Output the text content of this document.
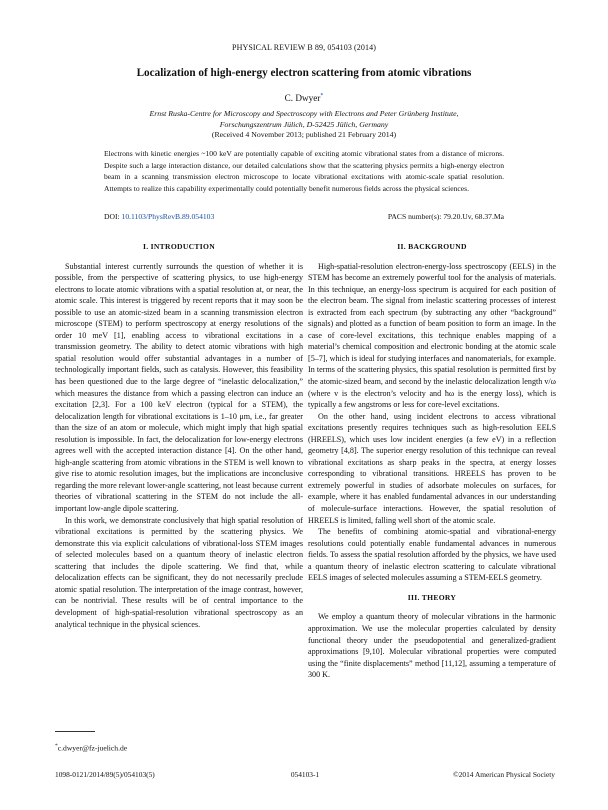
PHYSICAL REVIEW B 89, 054103 (2014)
Localization of high-energy electron scattering from atomic vibrations
C. Dwyer*
Ernst Ruska-Centre for Microscopy and Spectroscopy with Electrons and Peter Grünberg Institute,
Forschungszentrum Jülich, D-52425 Jülich, Germany
(Received 4 November 2013; published 21 February 2014)
Electrons with kinetic energies ~100 keV are potentially capable of exciting atomic vibrational states from a distance of microns. Despite such a large interaction distance, our detailed calculations show that the scattering physics permits a high-energy electron beam in a scanning transmission electron microscope to locate vibrational excitations with atomic-scale spatial resolution. Attempts to realize this capability experimentally could potentially benefit numerous fields across the physical sciences.
DOI: 10.1103/PhysRevB.89.054103	PACS number(s): 79.20.Uv, 68.37.Ma
I. INTRODUCTION

Substantial interest currently surrounds the question of whether it is possible, from the perspective of scattering physics, to use high-energy electrons to locate atomic vibrations with a spatial resolution at, or near, the atomic scale. This interest is triggered by recent reports that it may soon be possible to use an atomic-sized beam in a scanning transmission electron microscope (STEM) to perform spectroscopy at energy resolutions of the order 10 meV [1], enabling access to vibrational excitations in a transmission geometry. The ability to detect atomic vibrations with high spatial resolution would offer substantial advantages in a number of technologically important fields, such as catalysis. However, this feasibility has been questioned due to the large degree of “inelastic delocalization,” which measures the distance from which a passing electron can induce an excitation [2,3]. For a 100 keV electron (typical for a STEM), the delocalization length for vibrational excitations is 1–10 μm, i.e., far greater than the size of an atom or molecule, which might imply that high spatial resolution is impossible. In fact, the delocalization for low-energy electrons agrees well with the accepted interaction distance [4]. On the other hand, high-angle scattering from atomic vibrations in the STEM is well known to give rise to atomic resolution images, but the implications are inconclusive regarding the more relevant lower-angle scattering, not least because current theories of vibrational scattering in the STEM do not include the all-important low-angle dipole scattering.

In this work, we demonstrate conclusively that high spatial resolution of vibrational excitations is permitted by the scattering physics. We demonstrate this via explicit calculations of vibrational-loss STEM images of selected molecules based on a quantum theory of inelastic electron scattering that includes the dipole scattering. We find that, while delocalization effects can be significant, they do not necessarily preclude atomic spatial resolution. The interpretation of the image contrast, however, can be nontrivial. These results will be of central importance to the development of high-spatial-resolution vibrational spectroscopy as an analytical technique in the physical sciences.

II. BACKGROUND

High-spatial-resolution electron-energy-loss spectroscopy (EELS) in the STEM has become an extremely powerful tool for the analysis of materials. In this technique, an energy-loss spectrum is acquired for each position of the electron beam. The signal from inelastic scattering processes of interest is extracted from each spectrum (by subtracting any other “background” signals) and plotted as a function of beam position to form an image. In the case of core-level excitations, this technique enables mapping of a material’s chemical composition and electronic bonding at the atomic scale [5–7], which is ideal for studying interfaces and nanomaterials, for example. In terms of the scattering physics, this spatial resolution is permitted first by the atomic-sized beam, and second by the inelastic delocalization length v/ω (where v is the electron’s velocity and ħω is the energy loss), which is typically a few angstroms or less for core-level excitations.

On the other hand, using incident electrons to access vibrational excitations presently requires techniques such as high-resolution EELS (HREELS), which uses low incident energies (a few eV) in a reflection geometry [4,8]. The superior energy resolution of this technique can reveal vibrational excitations as sharp peaks in the spectra, at energy losses corresponding to vibrational transitions. HREELS has proven to be extremely powerful in studies of adsorbate molecules on surfaces, for example, where it has enabled fundamental advances in our understanding of molecule-surface interactions. However, the spatial resolution of HREELS is limited, falling well short of the atomic scale.

The benefits of combining atomic-spatial and vibrational-energy resolutions could potentially enable fundamental advances in numerous fields. To assess the spatial resolution afforded by the physics, we have used a quantum theory of inelastic electron scattering to calculate vibrational EELS images of selected molecules assuming a STEM-EELS geometry.

III. THEORY

We employ a quantum theory of molecular vibrations in the harmonic approximation. We use the molecular properties calculated by density functional theory under the pseudopotential and generalized-gradient approximations [9,10]. Molecular vibrational properties were computed using the “finite displacements” method [11,12], assuming a temperature of 300 K.

*c.dwyer@fz-juelich.de
1098-0121/2014/89(5)/054103(5)	054103-1	©2014 American Physical Society
